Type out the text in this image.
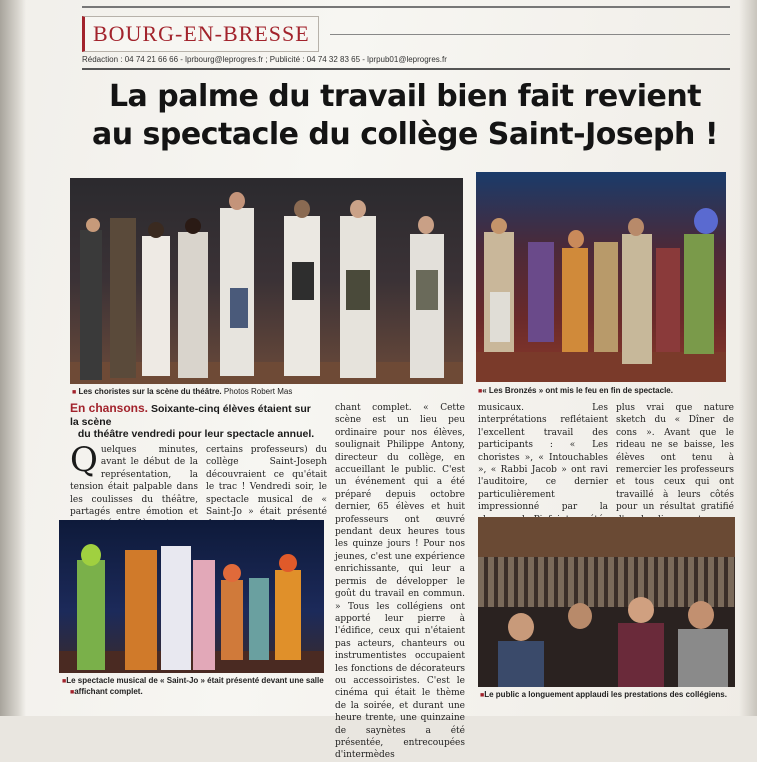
BOURG-EN-BRESSE
Rédaction : 04 74 21 66 66 - lprbourg@leprogres.fr ; Publicité : 04 74 32 83 65 - lprpub01@leprogres.fr
La palme du travail bien fait revient
au spectacle du collège Saint-Joseph !
■ Les choristes sur la scène du théâtre. Photos Robert Mas	■ « Les Bronzés » ont mis le feu en fin de spectacle.
En chansons. Soixante-cinq élèves étaient sur la scène
du théâtre vendredi pour leur spectacle annuel.
Quelques minutes, avant le début de la représentation, la tension était palpable dans les coulisses du théâtre, partagés entre émotion et
certains professeurs) du collège Saint-Joseph découvraient ce qu'était le trac ! Vendredi soir, le spectacle musical de « Saint-Jo » était présenté
chant complet. « Cette scène est un lieu peu ordinaire pour nos élèves, soulignait Philippe Antony, directeur du collège, en accueillant le public. C'est un événement qui a été préparé depuis octobre dernier, 65 élèves et huit professeurs ont œuvré pendant deux heures tous les quinze jours ! Pour nos jeunes, c'est une expérience enrichissante, qui leur a permis de développer le goût du travail en commun. » Tous les collégiens ont apporté leur pierre à l'édifice, ceux qui n'étaient pas acteurs, chanteurs ou instrumentistes occupaient les fonctions de décorateurs ou accessoiristes. C'est le cinéma qui était le thème de la soirée, et durant une heure trente, une quinzaine de saynètes a été présentée, entrecoupées d'intermèdes
musicaux. Les interprétations reflétaient l'excellent travail des participants : « Les choristes », « Intouchables », « Rabbi Jacob » ont ravi l'auditoire, ce dernier particulièrement impressionné par la
plus vrai que nature sketch du « Dîner de cons ». Avant que le rideau ne se baisse, les élèves ont tenu à remercier les professeurs et tous ceux qui ont travaillé à leurs côtés pour un résultat gratifié
■ Le spectacle musical de « Saint-Jo » était présenté devant une salle
■ affichant complet.	■ Le public a longuement applaudi les prestations des collégiens.
